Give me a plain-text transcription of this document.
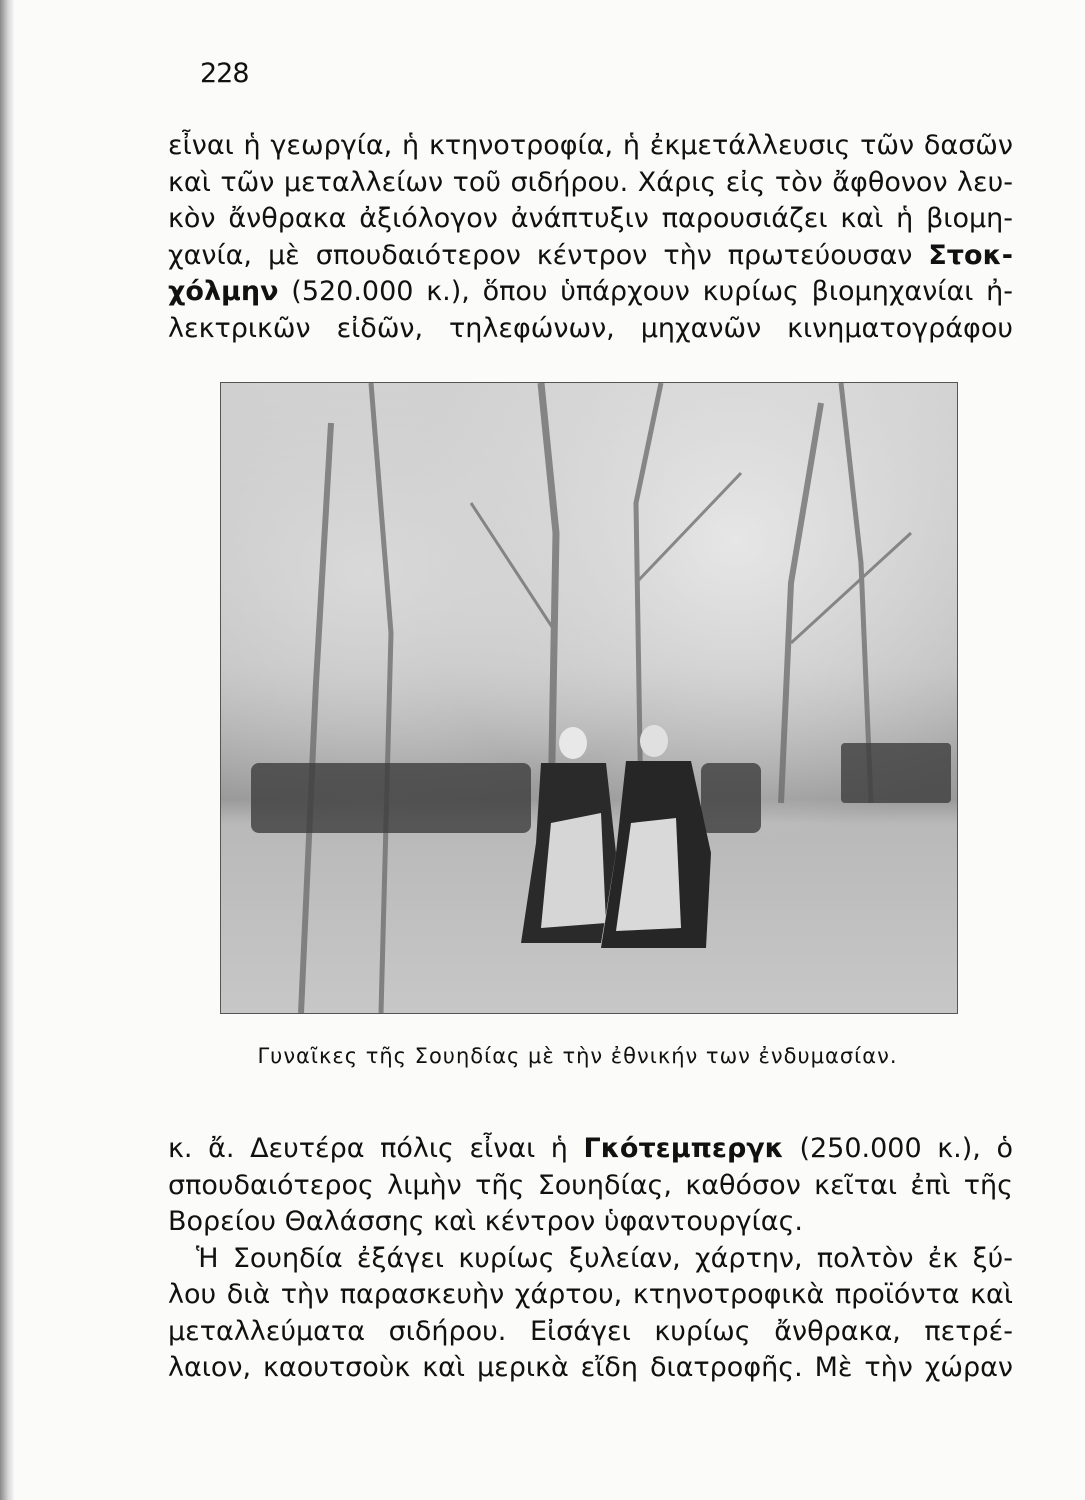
228
εἶναι ἡ γεωργία, ἡ κτηνοτροφία, ἡ ἐκμετάλλευσις τῶν δασῶν
καὶ τῶν μεταλλείων τοῦ σιδήρου. Χάρις εἰς τὸν ἄφθονον λευ-
κὸν ἄνθρακα ἀξιόλογον ἀνάπτυξιν παρουσιάζει καὶ ἡ βιομη-
χανία, μὲ σπουδαιότερον κέντρον τὴν πρωτεύουσαν Στοκ-
χόλμην (520.000 κ.), ὅπου ὑπάρχουν κυρίως βιομηχανίαι ἠ-
λεκτρικῶν εἰδῶν, τηλεφώνων, μηχανῶν κινηματογράφου
Γυναῖκες τῆς Σουηδίας μὲ τὴν ἐθνικήν των ἐνδυμασίαν.
κ. ἄ. Δευτέρα πόλις εἶναι ἡ Γκότεμπεργκ (250.000 κ.), ὁ
σπουδαιότερος λιμὴν τῆς Σουηδίας, καθόσον κεῖται ἐπὶ τῆς
Βορείου Θαλάσσης καὶ κέντρον ὑφαντουργίας.
Ἡ Σουηδία ἐξάγει κυρίως ξυλείαν, χάρτην, πολτὸν ἐκ ξύ-
λου διὰ τὴν παρασκευὴν χάρτου, κτηνοτροφικὰ προϊόντα καὶ
μεταλλεύματα σιδήρου. Εἰσάγει κυρίως ἄνθρακα, πετρέ-
λαιον, καουτσοὺκ καὶ μερικὰ εἴδη διατροφῆς. Μὲ τὴν χώραν
